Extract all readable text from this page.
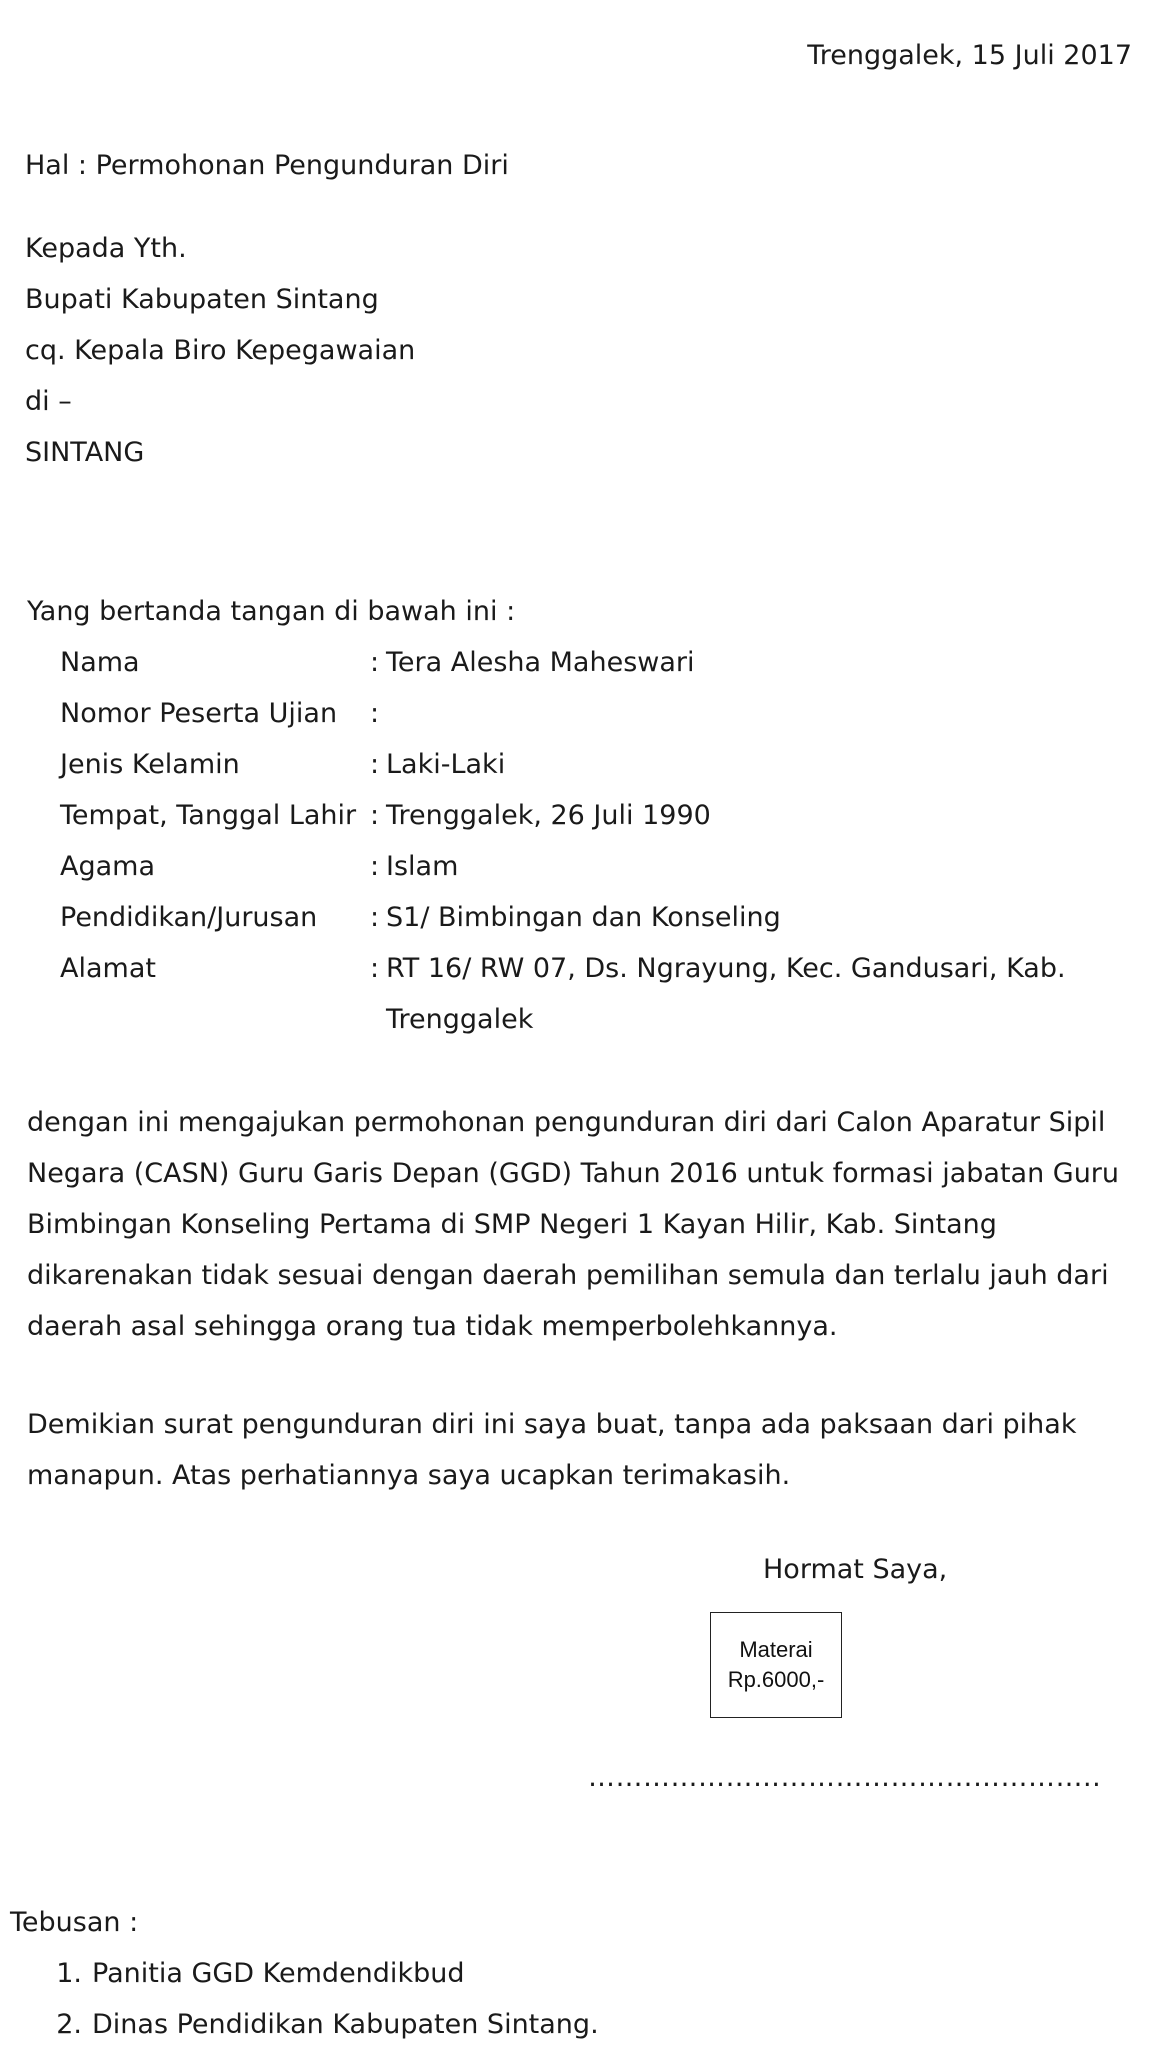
Trenggalek, 15 Juli 2017
Hal : Permohonan Pengunduran Diri
Kepada Yth.
Bupati Kabupaten Sintang
cq. Kepala Biro Kepegawaian
di –
SINTANG
Yang bertanda tangan di bawah ini :
Nama	:	Tera Alesha Maheswari
Nomor Peserta Ujian	:	
Jenis Kelamin	:	Laki-Laki
Tempat, Tanggal Lahir	:	Trenggalek, 26 Juli 1990
Agama	:	Islam
Pendidikan/Jurusan	:	S1/ Bimbingan dan Konseling
Alamat	:	RT 16/ RW 07, Ds. Ngrayung, Kec. Gandusari, Kab.
		Trenggalek
dengan ini mengajukan permohonan pengunduran diri dari Calon Aparatur Sipil Negara (CASN) Guru Garis Depan (GGD) Tahun 2016 untuk formasi jabatan Guru Bimbingan Konseling Pertama di SMP Negeri 1 Kayan Hilir, Kab. Sintang dikarenakan tidak sesuai dengan daerah pemilihan semula dan terlalu jauh dari daerah asal sehingga orang tua tidak memperbolehkannya.
Demikian surat pengunduran diri ini saya buat, tanpa ada paksaan dari pihak manapun. Atas perhatiannya saya ucapkan terimakasih.
Hormat Saya,
Materai
Rp.6000,-
………………………………………………..
Tebusan :
1. Panitia GGD Kemdendikbud
2. Dinas Pendidikan Kabupaten Sintang.
